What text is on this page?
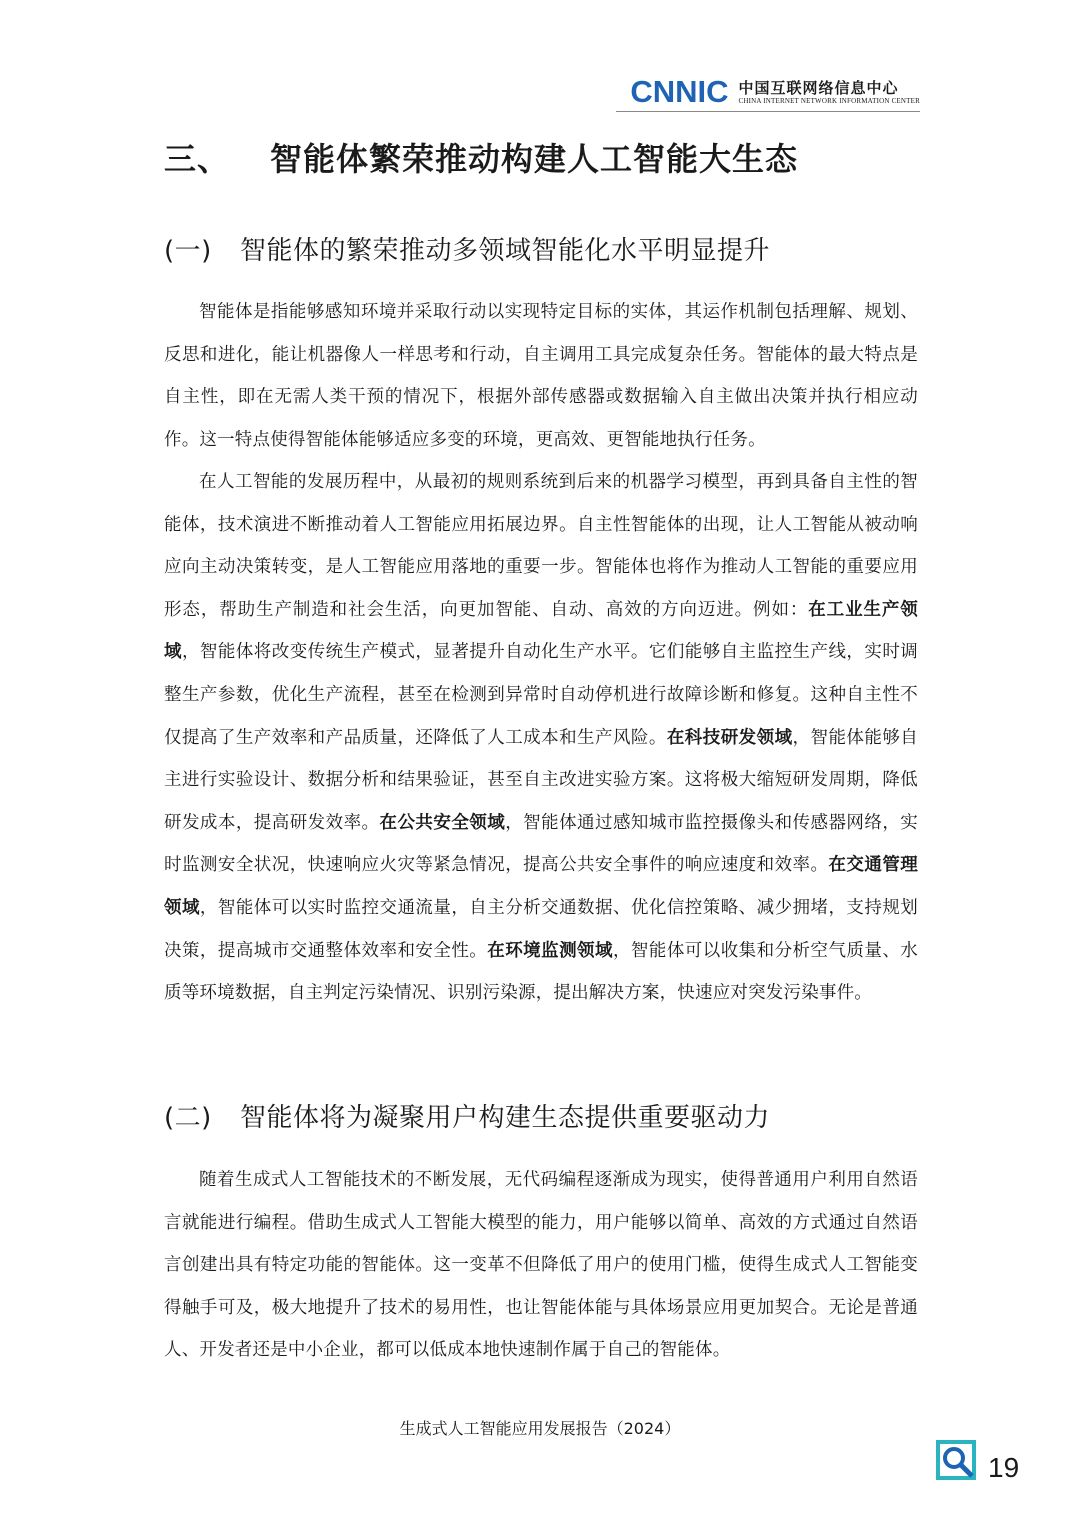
CNNIC 中国互联网络信息中心
CHINA INTERNET NETWORK INFORMATION CENTER
三、 智能体繁荣推动构建人工智能大生态
(一) 智能体的繁荣推动多领域智能化水平明显提升

智能体是指能够感知环境并采取行动以实现特定目标的实体，其运作机制包括理解、规划、反思和进化，能让机器像人一样思考和行动，自主调用工具完成复杂任务。智能体的最大特点是自主性，即在无需人类干预的情况下，根据外部传感器或数据输入自主做出决策并执行相应动作。这一特点使得智能体能够适应多变的环境，更高效、更智能地执行任务。

在人工智能的发展历程中，从最初的规则系统到后来的机器学习模型，再到具备自主性的智能体，技术演进不断推动着人工智能应用拓展边界。自主性智能体的出现，让人工智能从被动响应向主动决策转变，是人工智能应用落地的重要一步。智能体也将作为推动人工智能的重要应用形态，帮助生产制造和社会生活，向更加智能、自动、高效的方向迈进。例如：在工业生产领域，智能体将改变传统生产模式，显著提升自动化生产水平。它们能够自主监控生产线，实时调整生产参数，优化生产流程，甚至在检测到异常时自动停机进行故障诊断和修复。这种自主性不仅提高了生产效率和产品质量，还降低了人工成本和生产风险。在科技研发领域，智能体能够自主进行实验设计、数据分析和结果验证，甚至自主改进实验方案。这将极大缩短研发周期，降低研发成本，提高研发效率。在公共安全领域，智能体通过感知城市监控摄像头和传感器网络，实时监测安全状况，快速响应火灾等紧急情况，提高公共安全事件的响应速度和效率。在交通管理领域，智能体可以实时监控交通流量，自主分析交通数据、优化信控策略、减少拥堵，支持规划决策，提高城市交通整体效率和安全性。在环境监测领域，智能体可以收集和分析空气质量、水质等环境数据，自主判定污染情况、识别污染源，提出解决方案，快速应对突发污染事件。

(二) 智能体将为凝聚用户构建生态提供重要驱动力

随着生成式人工智能技术的不断发展，无代码编程逐渐成为现实，使得普通用户利用自然语言就能进行编程。借助生成式人工智能大模型的能力，用户能够以简单、高效的方式通过自然语言创建出具有特定功能的智能体。这一变革不但降低了用户的使用门槛，使得生成式人工智能变得触手可及，极大地提升了技术的易用性，也让智能体能与具体场景应用更加契合。无论是普通人、开发者还是中小企业，都可以低成本地快速制作属于自己的智能体。

生成式人工智能应用发展报告（2024）
19
